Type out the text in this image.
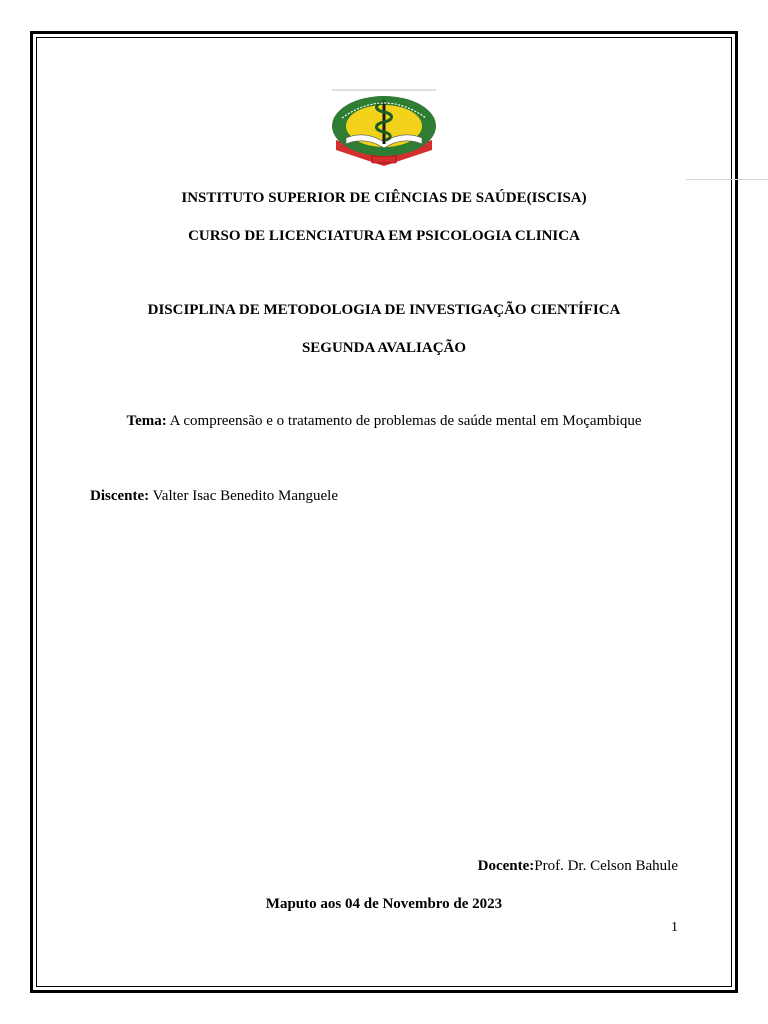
INSTITUTO SUPERIOR DE CIÊNCIAS DE SAÚDE(ISCISA)
CURSO DE LICENCIATURA EM PSICOLOGIA CLINICA
DISCIPLINA DE METODOLOGIA DE INVESTIGAÇÃO CIENTÍFICA
SEGUNDA AVALIAÇÃO
Tema: A compreensão e o tratamento de problemas de saúde mental em Moçambique
Discente: Valter Isac Benedito Manguele
Docente:Prof. Dr. Celson Bahule
Maputo aos 04 de Novembro de 2023
1
